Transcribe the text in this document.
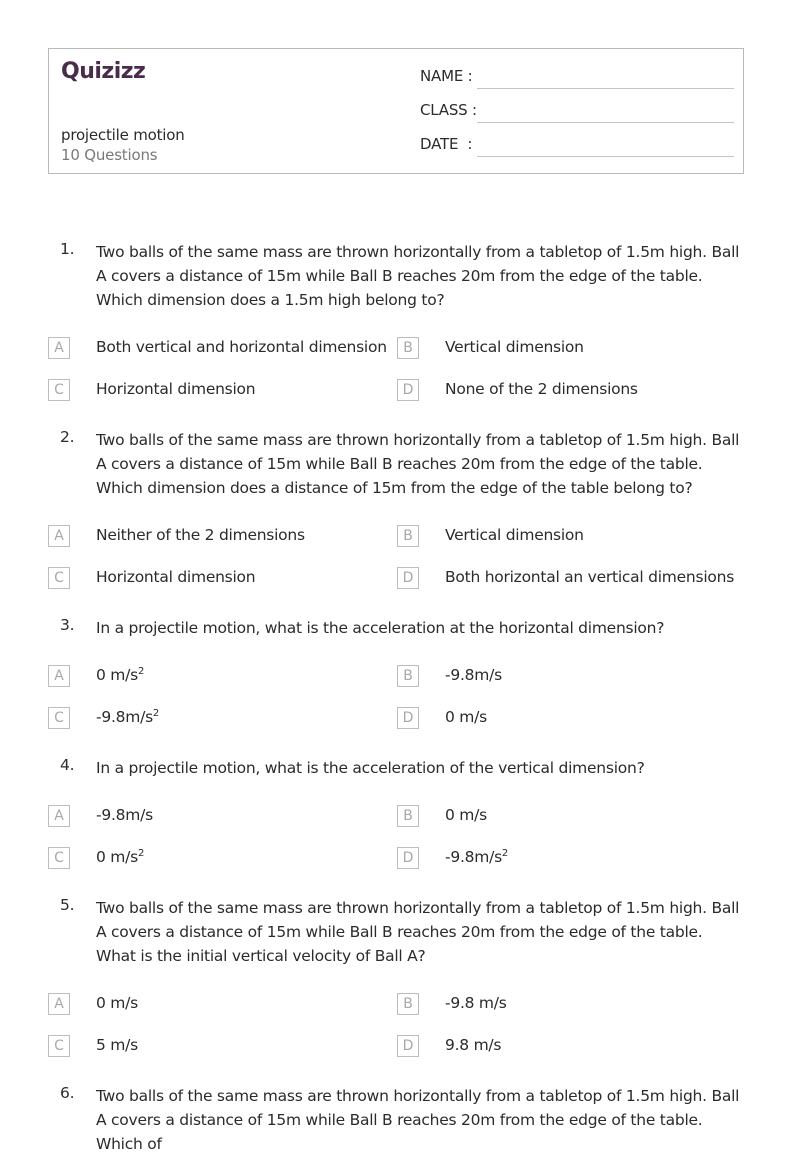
Quizizz
projectile motion
10 Questions
NAME :
CLASS :
DATE  :
1. Two balls of the same mass are thrown horizontally from a tabletop of 1.5m high. Ball A covers a distance of 15m while Ball B reaches 20m from the edge of the table. Which dimension does a 1.5m high belong to?
A	Both vertical and horizontal dimension	B	Vertical dimension
C	Horizontal dimension	D	None of the 2 dimensions
2. Two balls of the same mass are thrown horizontally from a tabletop of 1.5m high. Ball A covers a distance of 15m while Ball B reaches 20m from the edge of the table. Which dimension does a distance of 15m from the edge of the table belong to?
A	Neither of the 2 dimensions	B	Vertical dimension
C	Horizontal dimension	D	Both horizontal an vertical dimensions
3. In a projectile motion, what is the acceleration at the horizontal dimension?
A	0 $m/s^2$	B	-9.8m/s
C	$-9.8m/s^2$	D	0 m/s
4. In a projectile motion, what is the acceleration of the vertical dimension?
A	-9.8m/s	B	0 m/s
C	0 $m/s^2$	D	$-9.8m/s^2$
5. Two balls of the same mass are thrown horizontally from a tabletop of 1.5m high. Ball A covers a distance of 15m while Ball B reaches 20m from the edge of the table. What is the initial vertical velocity of Ball A?
A	0 m/s	B	-9.8 m/s
C	5 m/s	D	9.8 m/s
6. Two balls of the same mass are thrown horizontally from a tabletop of 1.5m high. Ball A covers a distance of 15m while Ball B reaches 20m from the edge of the table. Which of
